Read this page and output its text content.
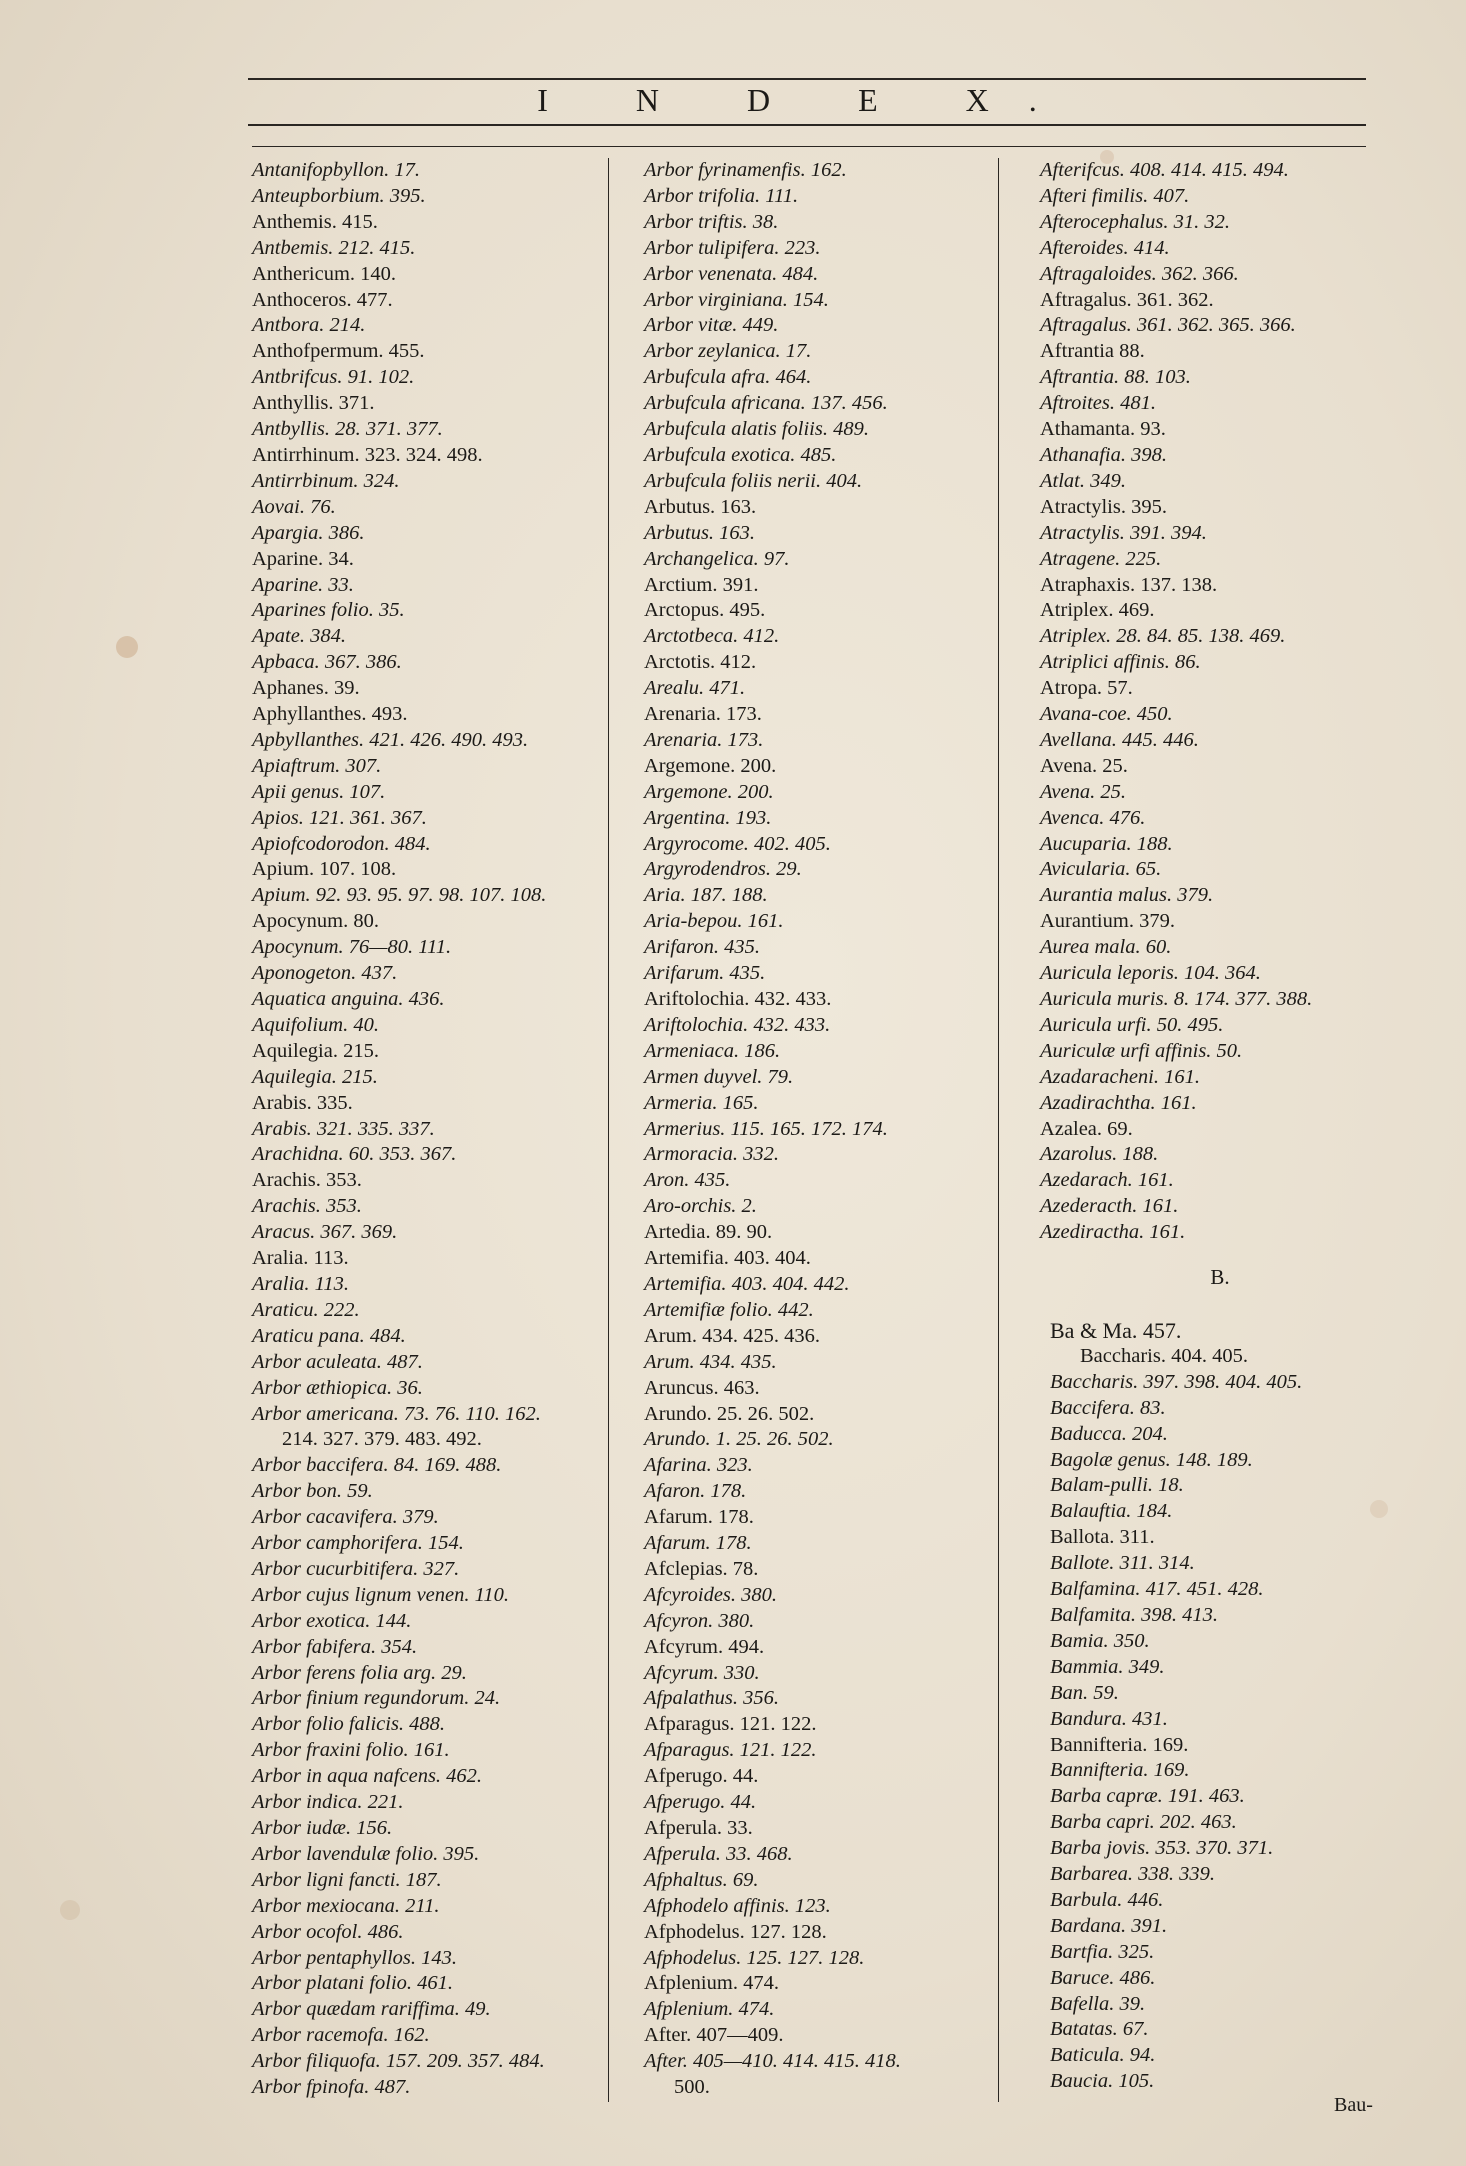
I N D E X.
Antanifopbyllon. 17.
Anteupborbium. 395.
Anthemis. 415.
Antbemis. 212. 415.
Anthericum. 140.
Anthoceros. 477.
Antbora. 214.
Anthofpermum. 455.
Antbrifcus. 91. 102.
Anthyllis. 371.
Antbyllis. 28. 371. 377.
Antirrhinum. 323. 324. 498.
Antirrbinum. 324.
Aovai. 76.
Apargia. 386.
Aparine. 34.
Aparine. 33.
Aparines folio. 35.
Apate. 384.
Apbaca. 367. 386.
Aphanes. 39.
Aphyllanthes. 493.
Apbyllanthes. 421. 426. 490. 493.
Apiaftrum. 307.
Apii genus. 107.
Apios. 121. 361. 367.
Apiofcodorodon. 484.
Apium. 107. 108.
Apium. 92. 93. 95. 97. 98. 107. 108.
Apocynum. 80.
Apocynum. 76—80. 111.
Aponogeton. 437.
Aquatica anguina. 436.
Aquifolium. 40.
Aquilegia. 215.
Aquilegia. 215.
Arabis. 335.
Arabis. 321. 335. 337.
Arachidna. 60. 353. 367.
Arachis. 353.
Arachis. 353.
Aracus. 367. 369.
Aralia. 113.
Aralia. 113.
Araticu. 222.
Araticu pana. 484.
Arbor aculeata. 487.
Arbor æthiopica. 36.
Arbor americana. 73. 76. 110. 162.
214. 327. 379. 483. 492.
Arbor baccifera. 84. 169. 488.
Arbor bon. 59.
Arbor cacavifera. 379.
Arbor camphorifera. 154.
Arbor cucurbitifera. 327.
Arbor cujus lignum venen. 110.
Arbor exotica. 144.
Arbor fabifera. 354.
Arbor ferens folia arg. 29.
Arbor finium regundorum. 24.
Arbor folio falicis. 488.
Arbor fraxini folio. 161.
Arbor in aqua nafcens. 462.
Arbor indica. 221.
Arbor iudæ. 156.
Arbor lavendulæ folio. 395.
Arbor ligni fancti. 187.
Arbor mexiocana. 211.
Arbor ocofol. 486.
Arbor pentaphyllos. 143.
Arbor platani folio. 461.
Arbor quædam rariffima. 49.
Arbor racemofa. 162.
Arbor filiquofa. 157. 209. 357. 484.
Arbor fpinofa. 487.
Arbor fyrinamenfis. 162.
Arbor trifolia. 111.
Arbor triftis. 38.
Arbor tulipifera. 223.
Arbor venenata. 484.
Arbor virginiana. 154.
Arbor vitæ. 449.
Arbor zeylanica. 17.
Arbufcula afra. 464.
Arbufcula africana. 137. 456.
Arbufcula alatis foliis. 489.
Arbufcula exotica. 485.
Arbufcula foliis nerii. 404.
Arbutus. 163.
Arbutus. 163.
Archangelica. 97.
Arctium. 391.
Arctopus. 495.
Arctotbeca. 412.
Arctotis. 412.
Arealu. 471.
Arenaria. 173.
Arenaria. 173.
Argemone. 200.
Argemone. 200.
Argentina. 193.
Argyrocome. 402. 405.
Argyrodendros. 29.
Aria. 187. 188.
Aria-bepou. 161.
Arifaron. 435.
Arifarum. 435.
Ariftolochia. 432. 433.
Ariftolochia. 432. 433.
Armeniaca. 186.
Armen duyvel. 79.
Armeria. 165.
Armerius. 115. 165. 172. 174.
Armoracia. 332.
Aron. 435.
Aro-orchis. 2.
Artedia. 89. 90.
Artemifia. 403. 404.
Artemifia. 403. 404. 442.
Artemifiæ folio. 442.
Arum. 434. 425. 436.
Arum. 434. 435.
Aruncus. 463.
Arundo. 25. 26. 502.
Arundo. 1. 25. 26. 502.
Afarina. 323.
Afaron. 178.
Afarum. 178.
Afarum. 178.
Afclepias. 78.
Afcyroides. 380.
Afcyron. 380.
Afcyrum. 494.
Afcyrum. 330.
Afpalathus. 356.
Afparagus. 121. 122.
Afparagus. 121. 122.
Afperugo. 44.
Afperugo. 44.
Afperula. 33.
Afperula. 33. 468.
Afphaltus. 69.
Afphodelo affinis. 123.
Afphodelus. 127. 128.
Afphodelus. 125. 127. 128.
Afplenium. 474.
Afplenium. 474.
After. 407—409.
After. 405—410. 414. 415. 418.
500.
Afterifcus. 408. 414. 415. 494.
Afteri fimilis. 407.
Afterocephalus. 31. 32.
Afteroides. 414.
Aftragaloides. 362. 366.
Aftragalus. 361. 362.
Aftragalus. 361. 362. 365. 366.
Aftrantia 88.
Aftrantia. 88. 103.
Aftroites. 481.
Athamanta. 93.
Athanafia. 398.
Atlat. 349.
Atractylis. 395.
Atractylis. 391. 394.
Atragene. 225.
Atraphaxis. 137. 138.
Atriplex. 469.
Atriplex. 28. 84. 85. 138. 469.
Atriplici affinis. 86.
Atropa. 57.
Avana-coe. 450.
Avellana. 445. 446.
Avena. 25.
Avena. 25.
Avenca. 476.
Aucuparia. 188.
Avicularia. 65.
Aurantia malus. 379.
Aurantium. 379.
Aurea mala. 60.
Auricula leporis. 104. 364.
Auricula muris. 8. 174. 377. 388.
Auricula urfi. 50. 495.
Auriculæ urfi affinis. 50.
Azadaracheni. 161.
Azadirachtha. 161.
Azalea. 69.
Azarolus. 188.
Azedarach. 161.
Azederacth. 161.
Azediractha. 161.
B.
Ba & Ma. 457.
Baccharis. 404. 405.
Baccharis. 397. 398. 404. 405.
Baccifera. 83.
Baducca. 204.
Bagolæ genus. 148. 189.
Balam-pulli. 18.
Balauftia. 184.
Ballota. 311.
Ballote. 311. 314.
Balfamina. 417. 451. 428.
Balfamita. 398. 413.
Bamia. 350.
Bammia. 349.
Ban. 59.
Bandura. 431.
Bannifteria. 169.
Bannifteria. 169.
Barba capræ. 191. 463.
Barba capri. 202. 463.
Barba jovis. 353. 370. 371.
Barbarea. 338. 339.
Barbula. 446.
Bardana. 391.
Bartfia. 325.
Baruce. 486.
Bafella. 39.
Batatas. 67.
Baticula. 94.
Baucia. 105.
Bau-
